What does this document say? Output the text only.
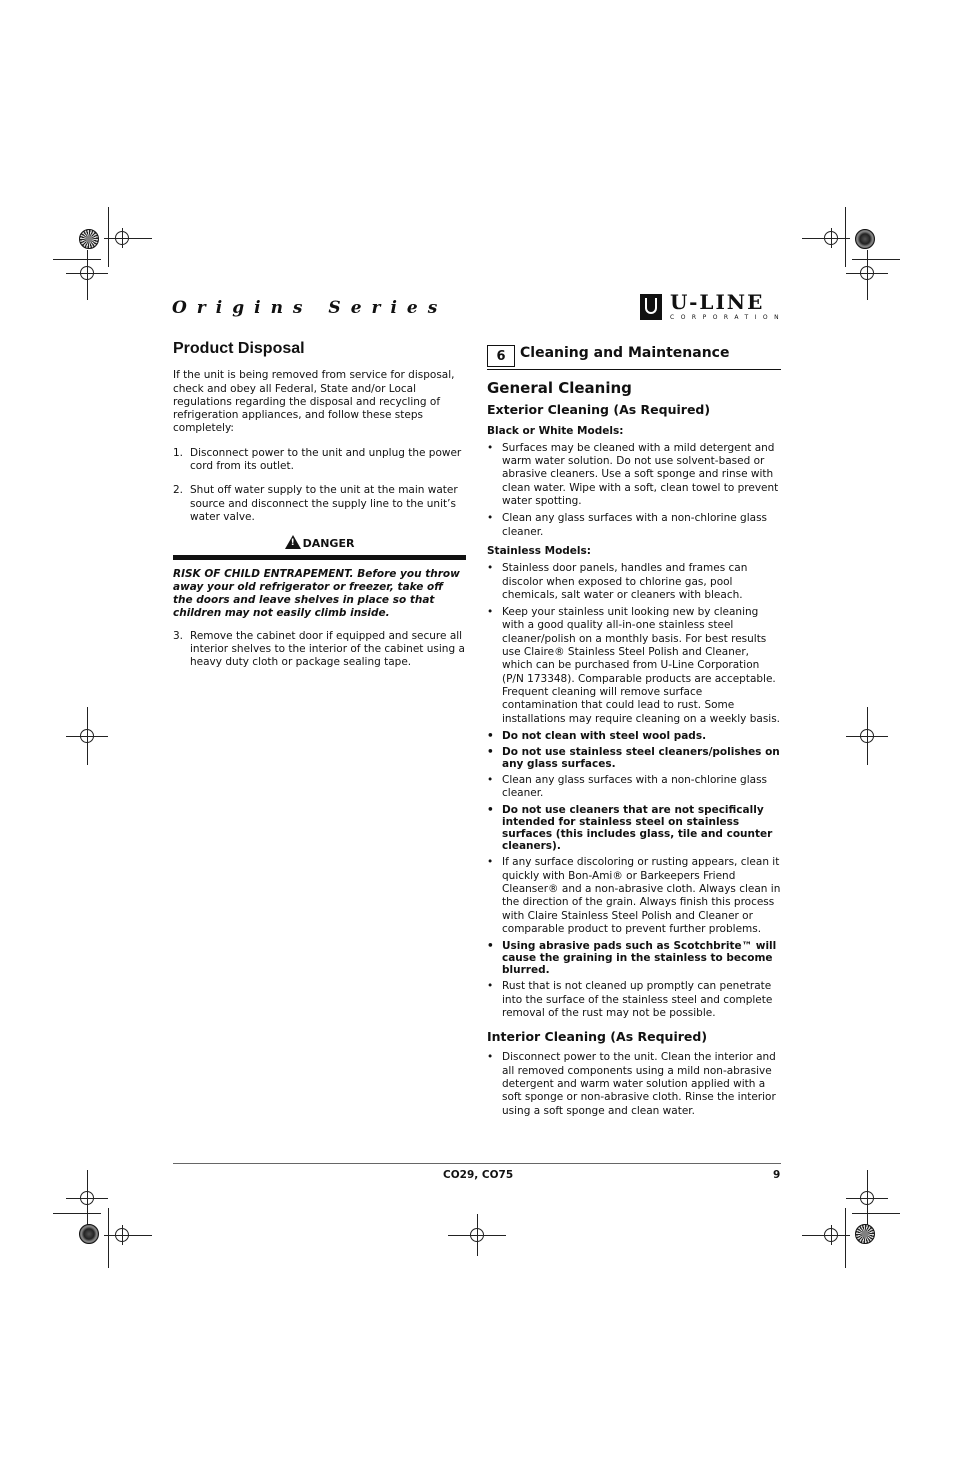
Origins Series	U-LINE
CORPORATION
Product Disposal

If the unit is being removed from service for disposal, check and obey all Federal, State and/or Local regulations regarding the disposal and recycling of refrigeration appliances, and follow these steps completely:

1. Disconnect power to the unit and unplug the power cord from its outlet.
2. Shut off water supply to the unit at the main water source and disconnect the supply line to the unit’s water valve.
! DANGER
RISK OF CHILD ENTRAPEMENT. Before you throw away your old refrigerator or freezer, take off the doors and leave shelves in place so that children may not easily climb inside.
3. Remove the cabinet door if equipped and secure all interior shelves to the interior of the cabinet using a heavy duty cloth or package sealing tape.
6	Cleaning and Maintenance
General Cleaning
Exterior Cleaning (As Required)
Black or White Models:
• Surfaces may be cleaned with a mild detergent and warm water solution. Do not use solvent-based or abrasive cleaners. Use a soft sponge and rinse with clean water. Wipe with a soft, clean towel to prevent water spotting.
• Clean any glass surfaces with a non-chlorine glass cleaner.
Stainless Models:
• Stainless door panels, handles and frames can discolor when exposed to chlorine gas, pool chemicals, salt water or cleaners with bleach.
• Keep your stainless unit looking new by cleaning with a good quality all-in-one stainless steel cleaner/polish on a monthly basis. For best results use Claire® Stainless Steel Polish and Cleaner, which can be purchased from U-Line Corporation (P/N 173348). Comparable products are acceptable. Frequent cleaning will remove surface contamination that could lead to rust. Some installations may require cleaning on a weekly basis.
• Do not clean with steel wool pads.
• Do not use stainless steel cleaners/polishes on any glass surfaces.
• Clean any glass surfaces with a non-chlorine glass cleaner.
• Do not use cleaners that are not specifically intended for stainless steel on stainless surfaces (this includes glass, tile and counter cleaners).
• If any surface discoloring or rusting appears, clean it quickly with Bon-Ami® or Barkeepers Friend Cleanser® and a non-abrasive cloth. Always clean in the direction of the grain. Always finish this process with Claire Stainless Steel Polish and Cleaner or comparable product to prevent further problems.
• Using abrasive pads such as Scotchbrite™ will cause the graining in the stainless to become blurred.
• Rust that is not cleaned up promptly can penetrate into the surface of the stainless steel and complete removal of the rust may not be possible.
Interior Cleaning (As Required)
• Disconnect power to the unit. Clean the interior and all removed components using a mild non-abrasive detergent and warm water solution applied with a soft sponge or non-abrasive cloth. Rinse the interior using a soft sponge and clean water.
CO29, CO75	9
